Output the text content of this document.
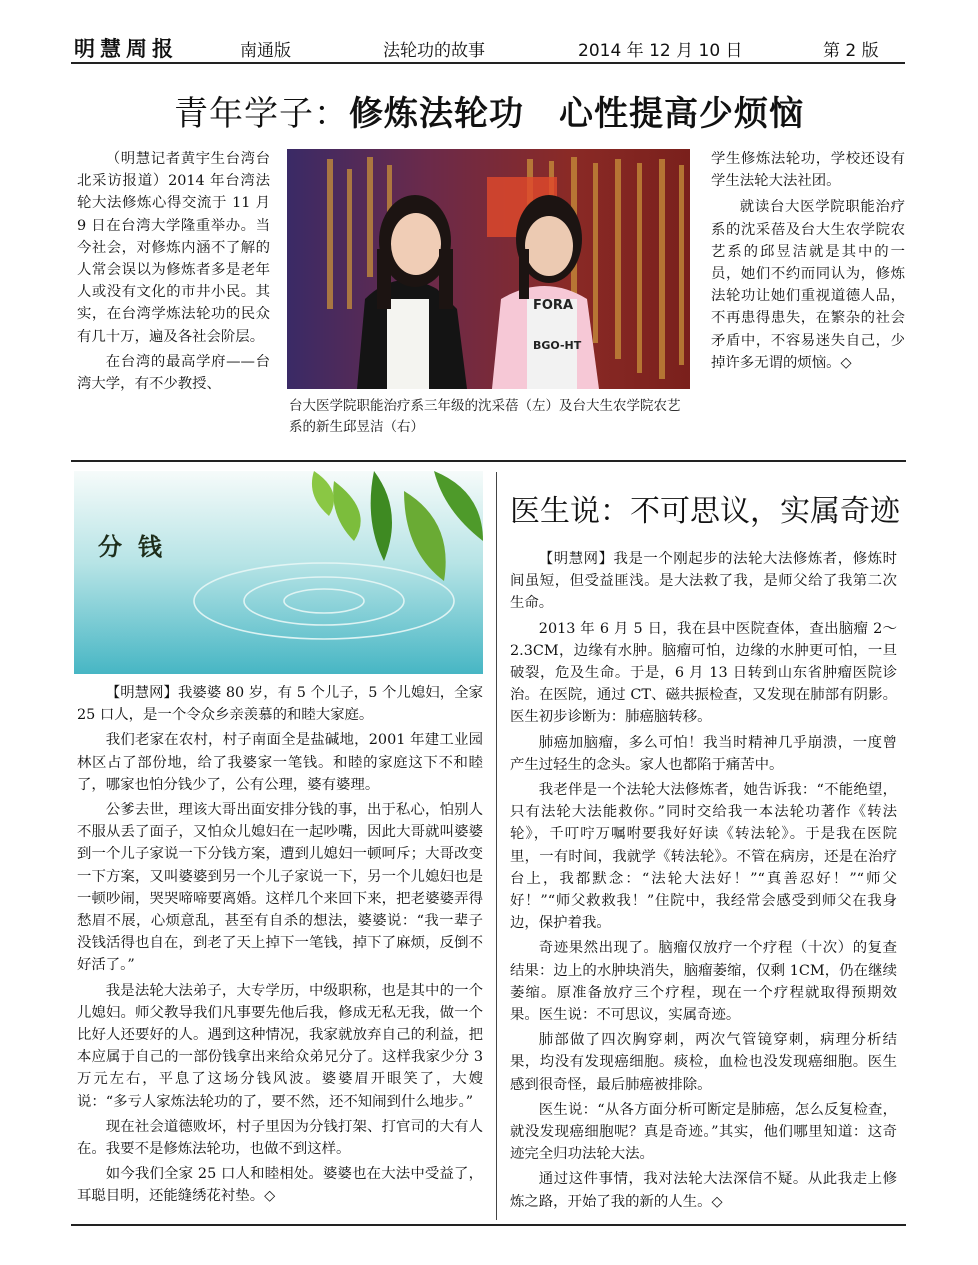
明慧周报	南通版	法轮功的故事	2014 年 12 月 10 日	第 2 版
青年学子：修炼法轮功　心性提高少烦恼

（明慧记者黄宇生台湾台北采访报道）2014 年台湾法轮大法修炼心得交流于 11 月 9 日在台湾大学隆重举办。当今社会，对修炼内涵不了解的人常会误以为修炼者多是老年人或没有文化的市井小民。其实，在台湾学炼法轮功的民众有几十万，遍及各社会阶层。

在台湾的最高学府——台湾大学，有不少教授、

FORA
BGO-HT
台大医学院职能治疗系三年级的沈采蓓（左）及台大生农学院农艺系的新生邱昱洁（右）

学生修炼法轮功，学校还设有学生法轮大法社团。

就读台大医学院职能治疗系的沈采蓓及台大生农学院农艺系的邱昱洁就是其中的一员，她们不约而同认为，修炼法轮功让她们重视道德人品，不再患得患失，在繁杂的社会矛盾中，不容易迷失自己，少掉许多无谓的烦恼。◇

分钱

【明慧网】我婆婆 80 岁，有 5 个儿子，5 个儿媳妇，全家 25 口人，是一个令众乡亲羡慕的和睦大家庭。

我们老家在农村，村子南面全是盐碱地，2001 年建工业园林区占了部份地，给了我婆家一笔钱。和睦的家庭这下不和睦了，哪家也怕分钱少了，公有公理，婆有婆理。

公爹去世，理该大哥出面安排分钱的事，出于私心，怕别人不服从丢了面子，又怕众儿媳妇在一起吵嘴，因此大哥就叫婆婆到一个儿子家说一下分钱方案，遭到儿媳妇一顿呵斥；大哥改变一下方案，又叫婆婆到另一个儿子家说一下，另一个儿媳妇也是一顿吵闹，哭哭啼啼要离婚。这样几个来回下来，把老婆婆弄得愁眉不展，心烦意乱，甚至有自杀的想法，婆婆说：“我一辈子没钱活得也自在，到老了天上掉下一笔钱，掉下了麻烦，反倒不好活了。”

我是法轮大法弟子，大专学历，中级职称，也是其中的一个儿媳妇。师父教导我们凡事要先他后我，修成无私无我，做一个比好人还要好的人。遇到这种情况，我家就放弃自己的利益，把本应属于自己的一部份钱拿出来给众弟兄分了。这样我家少分 3 万元左右，平息了这场分钱风波。婆婆眉开眼笑了，大嫂说：“多亏人家炼法轮功的了，要不然，还不知闹到什么地步。”

现在社会道德败坏，村子里因为分钱打架、打官司的大有人在。我要不是修炼法轮功，也做不到这样。

如今我们全家 25 口人和睦相处。婆婆也在大法中受益了，耳聪目明，还能缝绣花衬垫。◇

医生说：不可思议，实属奇迹

【明慧网】我是一个刚起步的法轮大法修炼者，修炼时间虽短，但受益匪浅。是大法救了我，是师父给了我第二次生命。

2013 年 6 月 5 日，我在县中医院查体，查出脑瘤 2～2.3CM，边缘有水肿。脑瘤可怕，边缘的水肿更可怕，一旦破裂，危及生命。于是，6 月 13 日转到山东省肿瘤医院诊治。在医院，通过 CT、磁共振检查，又发现在肺部有阴影。医生初步诊断为：肺癌脑转移。

肺癌加脑瘤，多么可怕！我当时精神几乎崩溃，一度曾产生过轻生的念头。家人也都陷于痛苦中。

我老伴是一个法轮大法修炼者，她告诉我：“不能绝望，只有法轮大法能救你。”同时交给我一本法轮功著作《转法轮》，千叮咛万嘱咐要我好好读《转法轮》。于是我在医院里，一有时间，我就学《转法轮》。不管在病房，还是在治疗台上，我都默念：“法轮大法好！”“真善忍好！”“师父好！”“师父救救我！”住院中，我经常会感受到师父在我身边，保护着我。

奇迹果然出现了。脑瘤仅放疗一个疗程（十次）的复查结果：边上的水肿块消失，脑瘤萎缩，仅剩 1CM，仍在继续萎缩。原准备放疗三个疗程，现在一个疗程就取得预期效果。医生说：不可思议，实属奇迹。

肺部做了四次胸穿刺，两次气管镜穿刺，病理分析结果，均没有发现癌细胞。痰检，血检也没发现癌细胞。医生感到很奇怪，最后肺癌被排除。

医生说：“从各方面分析可断定是肺癌，怎么反复检查，就没发现癌细胞呢？真是奇迹。”其实，他们哪里知道：这奇迹完全归功法轮大法。

通过这件事情，我对法轮大法深信不疑。从此我走上修炼之路，开始了我的新的人生。◇
